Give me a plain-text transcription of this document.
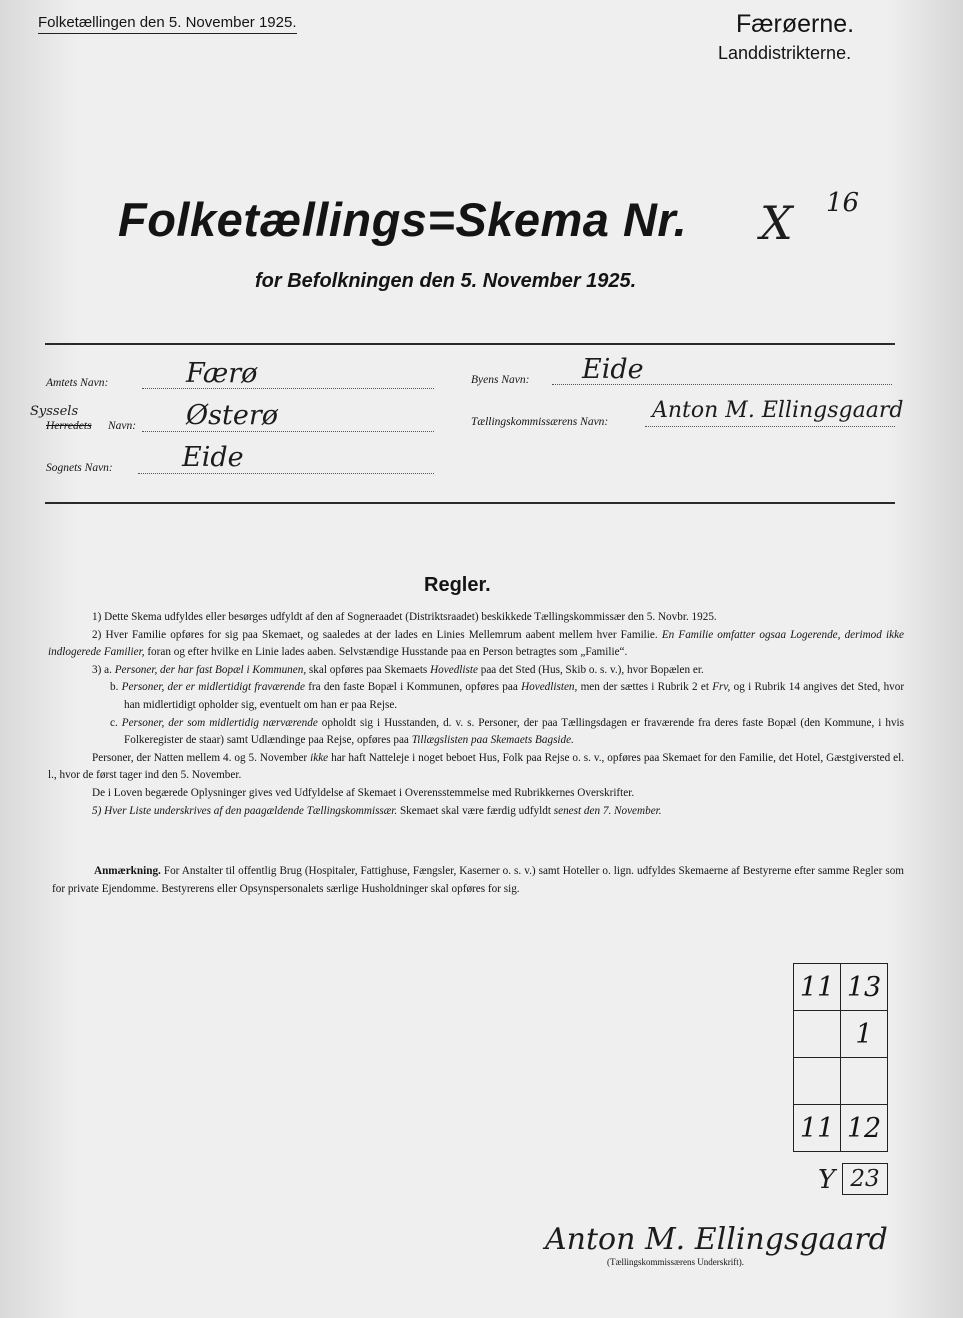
Folketællingen den 5. November 1925.	Færøerne.
Landdistrikterne.
Folketællings=Skema Nr. X 16
for Befolkningen den 5. November 1925.
Amtets Navn:	Færø
Syssels
Herredets Navn: Østerø
Sognets Navn:	Eide
Byens Navn: Eide
Tællingskommissærens Navn: Anton M. Ellingsgaard
Regler.

1) Dette Skema udfyldes eller besørges udfyldt af den af Sogneraadet (Distriktsraadet) beskikkede Tællingskommissær den 5. Novbr. 1925.

2) Hver Familie opføres for sig paa Skemaet, og saaledes at der lades en Linies Mellemrum aabent mellem hver Familie. En Familie omfatter ogsaa Logerende, derimod ikke indlogerede Familier, foran og efter hvilke en Linie lades aaben. Selvstændige Husstande paa en Person betragtes som „Familie“.

3) a. Personer, der har fast Bopæl i Kommunen, skal opføres paa Skemaets Hovedliste paa det Sted (Hus, Skib o. s. v.), hvor Bopælen er.

b. Personer, der er midlertidigt fraværende fra den faste Bopæl i Kommunen, opføres paa Hovedlisten, men der sættes i Rubrik 2 et Frv, og i Rubrik 14 angives det Sted, hvor han midlertidigt opholder sig, eventuelt om han er paa Rejse.

c. Personer, der som midlertidig nærværende opholdt sig i Husstanden, d. v. s. Personer, der paa Tællingsdagen er fraværende fra deres faste Bopæl (den Kommune, i hvis Folkeregister de staar) samt Udlændinge paa Rejse, opføres paa Tillægslisten paa Skemaets Bagside.

Personer, der Natten mellem 4. og 5. November ikke har haft Natteleje i noget beboet Hus, Folk paa Rejse o. s. v., opføres paa Skemaet for den Familie, det Hotel, Gæstgiversted el. l., hvor de først tager ind den 5. November.

De i Loven begærede Oplysninger gives ved Udfyldelse af Skemaet i Overensstemmelse med Rubrikkernes Overskrifter.

5) Hver Liste underskrives af den paagældende Tællingskommissær. Skemaet skal være færdig udfyldt senest den 7. November.

Anmærkning. For Anstalter til offentlig Brug (Hospitaler, Fattighuse, Fængsler, Kaserner o. s. v.) samt Hoteller o. lign. udfyldes Skemaerne af Bestyrerne efter samme Regler som for private Ejendomme. Bestyrerens eller Opsynspersonalets særlige Husholdninger skal opføres for sig.
11	13
	1

11	12
Y 23
Anton M. Ellingsgaard
(Tællingskommissærens Underskrift).
